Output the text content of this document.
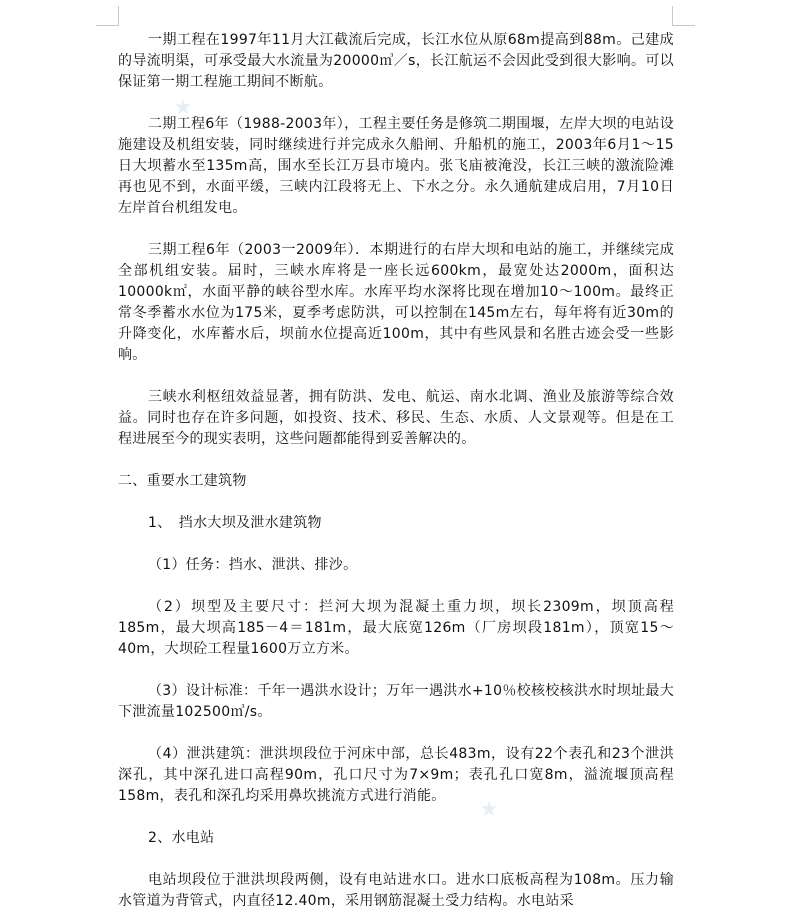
一期工程在1997年11月大江截流后完成，长江水位从原68m提高到88m。己建成的导流明渠，可承受最大水流量为20000㎥／s，长江航运不会因此受到很大影响。可以保证第一期工程施工期间不断航。

二期工程6年（1988-2003年），工程主要任务是修筑二期围堰，左岸大坝的电站设施建设及机组安装，同时继续进行并完成永久船闸、升船机的施工，2003年6月1～15日大坝蓄水至135m高，围水至长江万县市境内。张飞庙被淹没，长江三峡的激流险滩再也见不到，水面平缓，三峡内江段将无上、下水之分。永久通航建成启用，7月10日左岸首台机组发电。

三期工程6年（2003一2009年）．本期进行的右岸大坝和电站的施工，并继续完成全部机组安装。届时，三峡水库将是一座长远600km，最宽处达2000m，面积达10000k㎡，水面平静的峡谷型水库。水库平均水深将比现在增加10～100m。最终正常冬季蓄水水位为175米，夏季考虑防洪，可以控制在145m左右，每年将有近30m的升降变化，水库蓄水后，坝前水位提高近100m，其中有些风景和名胜古迹会受一些影响。

三峡水利枢纽效益显著，拥有防洪、发电、航运、南水北调、渔业及旅游等综合效益。同时也存在许多问题，如投资、技术、移民、生态、水质、人文景观等。但是在工程进展至今的现实表明，这些问题都能得到妥善解决的。

二、重要水工建筑物

1、　挡水大坝及泄水建筑物

（1）任务：挡水、泄洪、排沙。

（2）坝型及主要尺寸：拦河大坝为混凝土重力坝，坝长2309m，坝顶高程185m，最大坝高185－4＝181m，最大底宽126m（厂房坝段181m），顶宽15～40m，大坝砼工程量1600万立方米。

（3）设计标准：千年一遇洪水设计；万年一遇洪水+10％校核校核洪水时坝址最大下泄流量102500㎥/s。

（4）泄洪建筑：泄洪坝段位于河床中部，总长483m，设有22个表孔和23个泄洪深孔，其中深孔进口高程90m，孔口尺寸为7×9m；表孔孔口宽8m，溢流堰顶高程158m，表孔和深孔均采用鼻坎挑流方式进行消能。

2、水电站

电站坝段位于泄洪坝段两侧，设有电站进水口。进水口底板高程为108m。压力输水管道为背管式，内直径12.40m，采用钢筋混凝土受力结构。水电站采
